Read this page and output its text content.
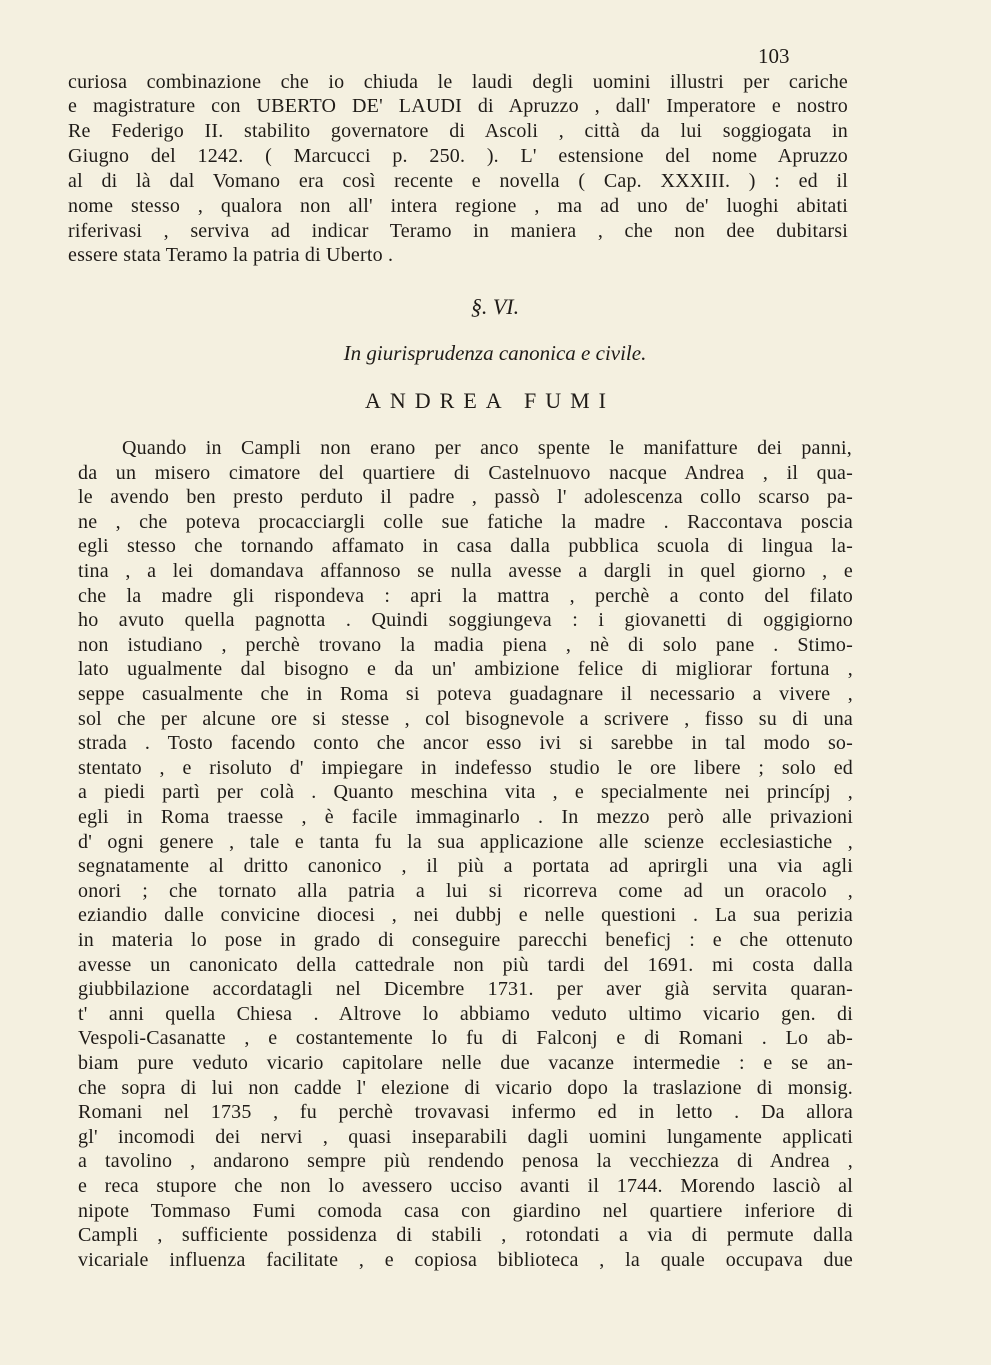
103
curiosa combinazione che io chiuda le laudi degli uomini illustri per cariche
e magistrature con UBERTO DE' LAUDI di Apruzzo , dall' Imperatore e nostro
Re Federigo II. stabilito governatore di Ascoli , città da lui soggiogata in
Giugno del 1242. ( Marcucci p. 250. ). L' estensione del nome Apruzzo
al di là dal Vomano era così recente e novella ( Cap. XXXIII. ) : ed il
nome stesso , qualora non all' intera regione , ma ad uno de' luoghi abitati
riferivasi , serviva ad indicar Teramo in maniera , che non dee dubitarsi
essere stata Teramo la patria di Uberto .
§. VI.
In giurisprudenza canonica e civile.
ANDREA FUMI
Quando in Campli non erano per anco spente le manifatture dei panni,
da un misero cimatore del quartiere di Castelnuovo nacque Andrea , il qua-
le avendo ben presto perduto il padre , passò l' adolescenza collo scarso pa-
ne , che poteva procacciargli colle sue fatiche la madre . Raccontava poscia
egli stesso che tornando affamato in casa dalla pubblica scuola di lingua la-
tina , a lei domandava affannoso se nulla avesse a dargli in quel giorno , e
che la madre gli rispondeva : apri la mattra , perchè a conto del filato
ho avuto quella pagnotta . Quindi soggiungeva : i giovanetti di oggigiorno
non istudiano , perchè trovano la madia piena , nè di solo pane . Stimo-
lato ugualmente dal bisogno e da un' ambizione felice di migliorar fortuna ,
seppe casualmente che in Roma si poteva guadagnare il necessario a vivere ,
sol che per alcune ore si stesse , col bisognevole a scrivere , fisso su di una
strada . Tosto facendo conto che ancor esso ivi si sarebbe in tal modo so-
stentato , e risoluto d' impiegare in indefesso studio le ore libere ; solo ed
a piedi partì per colà . Quanto meschina vita , e specialmente nei princípj ,
egli in Roma traesse , è facile immaginarlo . In mezzo però alle privazioni
d' ogni genere , tale e tanta fu la sua applicazione alle scienze ecclesiastiche ,
segnatamente al dritto canonico , il più a portata ad aprirgli una via agli
onori ; che tornato alla patria a lui si ricorreva come ad un oracolo ,
eziandio dalle convicine diocesi , nei dubbj e nelle questioni . La sua perizia
in materia lo pose in grado di conseguire parecchi beneficj : e che ottenuto
avesse un canonicato della cattedrale non più tardi del 1691. mi costa dalla
giubbilazione accordatagli nel Dicembre 1731. per aver già servita quaran-
t' anni quella Chiesa . Altrove lo abbiamo veduto ultimo vicario gen. di
Vespoli-Casanatte , e costantemente lo fu di Falconj e di Romani . Lo ab-
biam pure veduto vicario capitolare nelle due vacanze intermedie : e se an-
che sopra di lui non cadde l' elezione di vicario dopo la traslazione di monsig.
Romani nel 1735 , fu perchè trovavasi infermo ed in letto . Da allora
gl' incomodi dei nervi , quasi inseparabili dagli uomini lungamente applicati
a tavolino , andarono sempre più rendendo penosa la vecchiezza di Andrea ,
e reca stupore che non lo avessero ucciso avanti il 1744. Morendo lasciò al
nipote Tommaso Fumi comoda casa con giardino nel quartiere inferiore di
Campli , sufficiente possidenza di stabili , rotondati a via di permute dalla
vicariale influenza facilitate , e copiosa biblioteca , la quale occupava due
